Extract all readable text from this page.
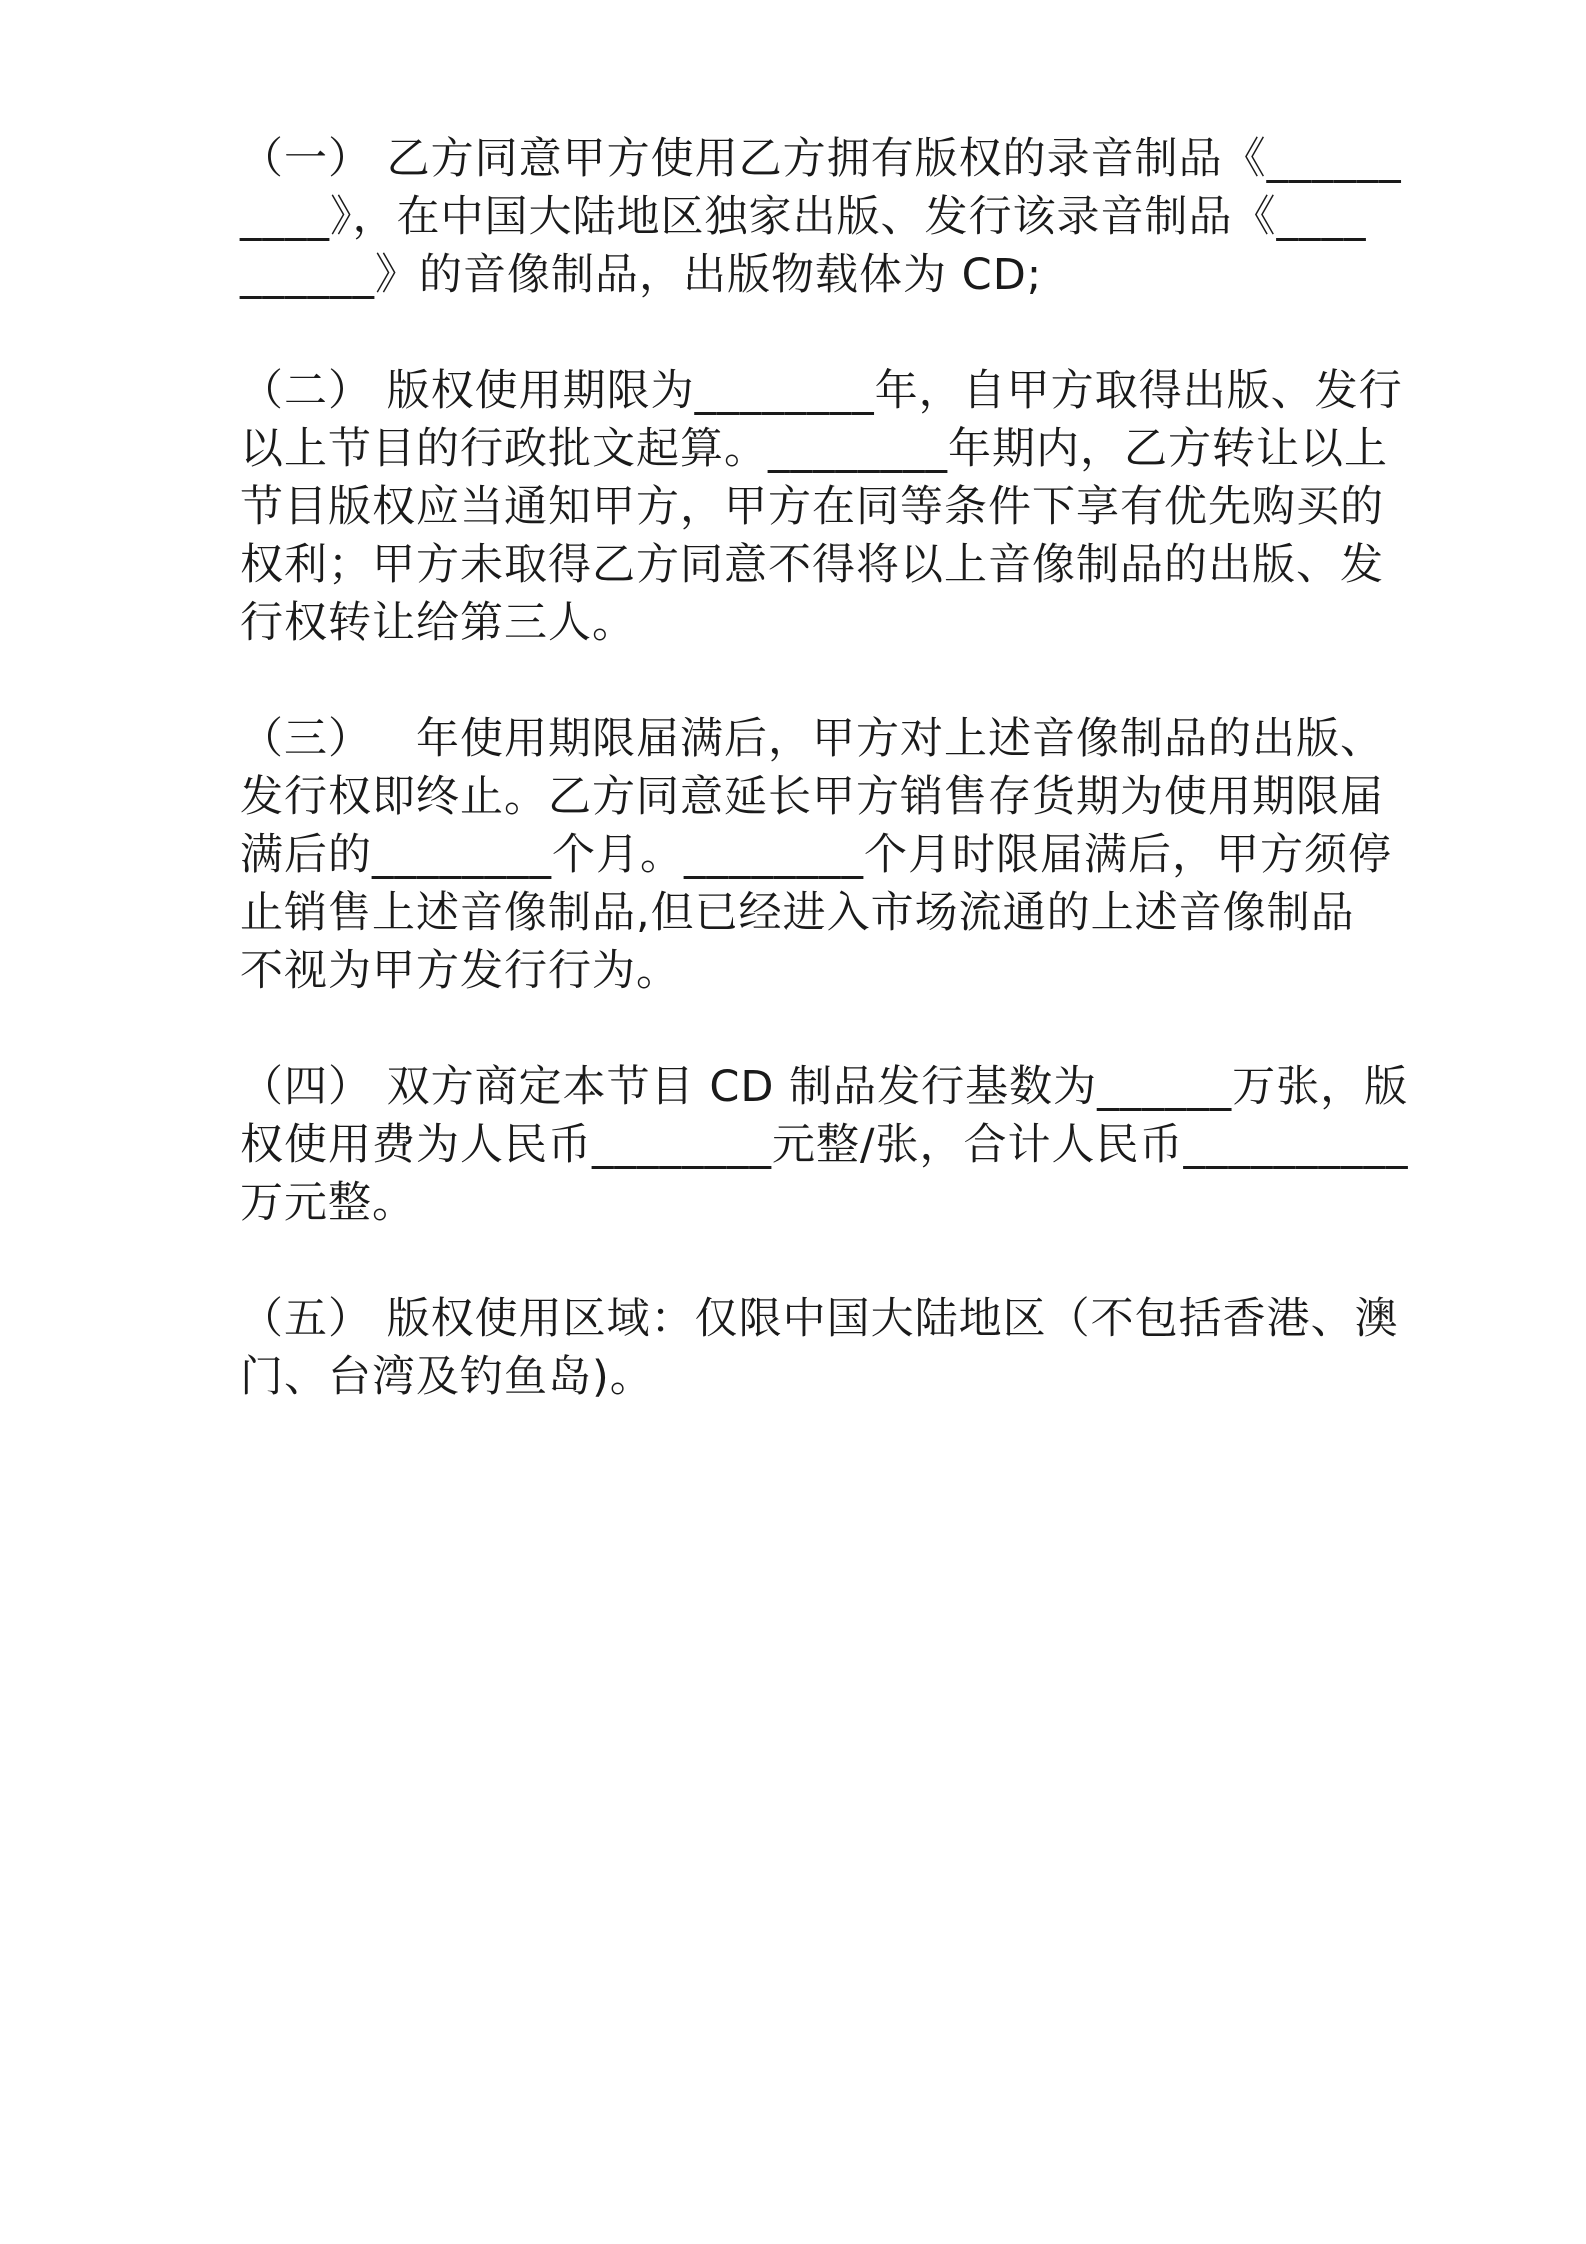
（一） 乙方同意甲方使用乙方拥有版权的录音制品《______

____》，在中国大陆地区独家出版、发行该录音制品《____

______》的音像制品，出版物载体为 CD;

（二） 版权使用期限为________年，自甲方取得出版、发行

以上节目的行政批文起算。________年期内，乙方转让以上

节目版权应当通知甲方，甲方在同等条件下享有优先购买的

权利；甲方未取得乙方同意不得将以上音像制品的出版、发

行权转让给第三人。

（三）   年使用期限届满后，甲方对上述音像制品的出版、

发行权即终止。乙方同意延长甲方销售存货期为使用期限届

满后的________个月。________个月时限届满后，甲方须停

止销售上述音像制品,但已经进入市场流通的上述音像制品

不视为甲方发行行为。

（四） 双方商定本节目 CD 制品发行基数为______万张，版

权使用费为人民币________元整/张，合计人民币__________

万元整。

（五） 版权使用区域：仅限中国大陆地区（不包括香港、澳

门、台湾及钓鱼岛)。
